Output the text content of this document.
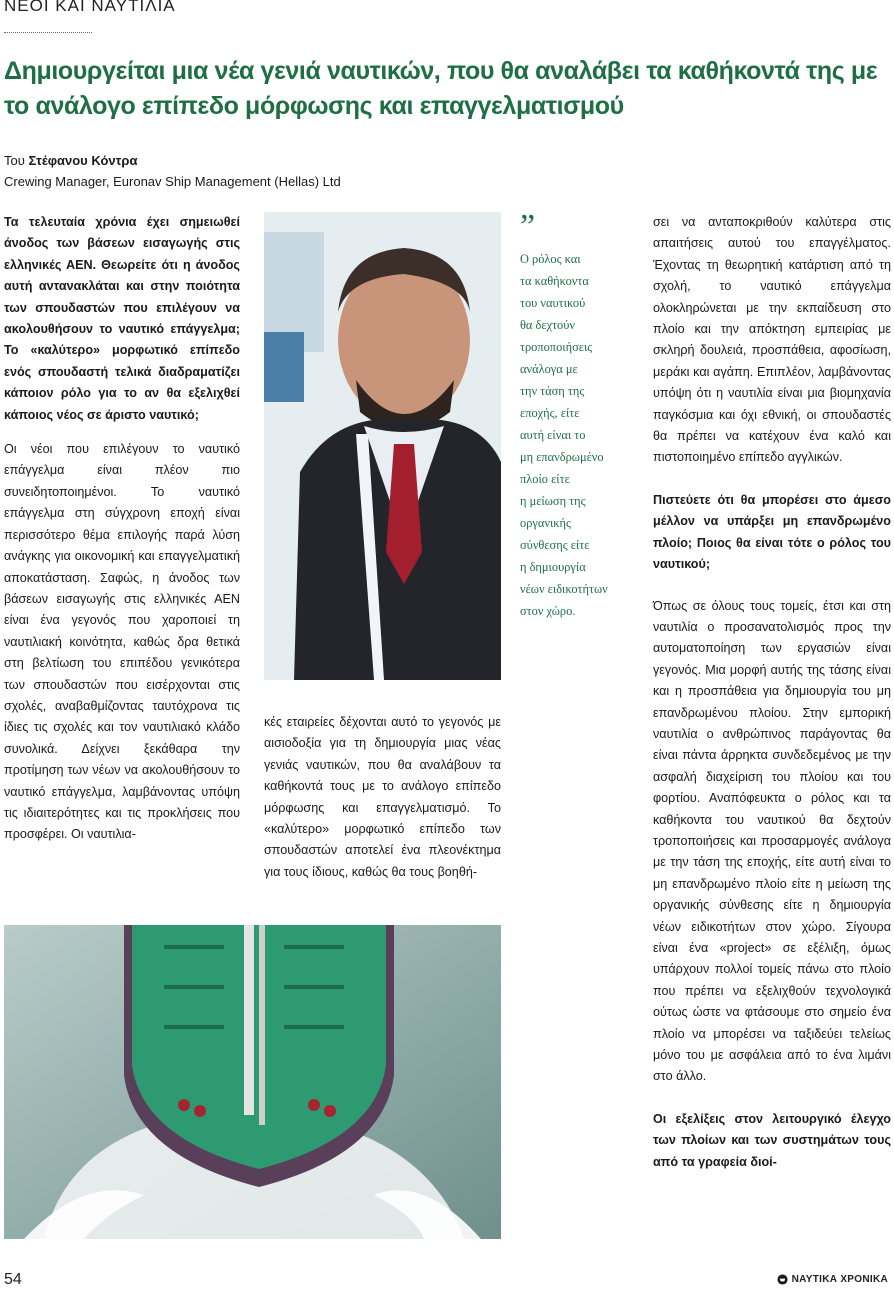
ΝΕΟΙ ΚΑΙ ΝΑΥΤΙΛΙΑ
Δημιουργείται μια νέα γενιά ναυτικών, που θα αναλάβει τα καθήκοντά της με το ανάλογο επίπεδο μόρφωσης και επαγγελματισμού
Του Στέφανου Κόντρα
Crewing Manager, Euronav Ship Management (Hellas) Ltd

Τα τελευταία χρόνια έχει σημειωθεί άνοδος των βάσεων εισαγωγής στις ελληνικές ΑΕΝ. Θεωρείτε ότι η άνοδος αυτή αντανακλάται και στην ποιότητα των σπουδαστών που επιλέγουν να ακολουθήσουν το ναυτικό επάγγελμα; Το «καλύτερο» μορφωτικό επίπεδο ενός σπουδαστή τελικά διαδραματίζει κάποιον ρόλο για το αν θα εξελιχθεί κάποιος νέος σε άριστο ναυτικό;

Οι νέοι που επιλέγουν το ναυτικό επάγγελμα είναι πλέον πιο συνειδητοποιημένοι. Το ναυτικό επάγγελμα στη σύγχρονη εποχή είναι περισσότερο θέμα επιλογής παρά λύση ανάγκης για οικονομική και επαγγελματική αποκατάσταση. Σαφώς, η άνοδος των βάσεων εισαγωγής στις ελληνικές ΑΕΝ είναι ένα γεγονός που χαροποιεί τη ναυτιλιακή κοινότητα, καθώς δρα θετικά στη βελτίωση του επιπέδου γενικότερα των σπουδαστών που εισέρχονται στις σχολές, αναβαθμίζοντας ταυτόχρονα τις ίδιες τις σχολές και τον ναυτιλιακό κλάδο συνολικά. Δείχνει ξεκάθαρα την προτίμηση των νέων να ακολουθήσουν το ναυτικό επάγγελμα, λαμβάνοντας υπόψη τις ιδιαιτερότητες και τις προκλήσεις που προσφέρει. Οι ναυτιλια-

κές εταιρείες δέχονται αυτό το γεγονός με αισιοδοξία για τη δημιουργία μιας νέας γενιάς ναυτικών, που θα αναλάβουν τα καθήκοντά τους με το ανάλογο επίπεδο μόρφωσης και επαγγελματισμό. Το «καλύτερο» μορφωτικό επίπεδο των σπουδαστών αποτελεί ένα πλεονέκτημα για τους ίδιους, καθώς θα τους βοηθή-

”
Ο ρόλος και
τα καθήκοντα
του ναυτικού
θα δεχτούν
τροποποιήσεις
ανάλογα με
την τάση της
εποχής, είτε
αυτή είναι το
μη επανδρωμένο
πλοίο είτε
η μείωση της
οργανικής
σύνθεσης είτε
η δημιουργία
νέων ειδικοτήτων
στον χώρο.

σει να ανταποκριθούν καλύτερα στις απαιτήσεις αυτού του επαγγέλματος. Έχοντας τη θεωρητική κατάρτιση από τη σχολή, το ναυτικό επάγγελμα ολοκληρώνεται με την εκπαίδευση στο πλοίο και την απόκτηση εμπειρίας με σκληρή δουλειά, προσπάθεια, αφοσίωση, μεράκι και αγάπη. Επιπλέον, λαμβάνοντας υπόψη ότι η ναυτιλία είναι μια βιομηχανία παγκόσμια και όχι εθνική, οι σπουδαστές θα πρέπει να κατέχουν ένα καλό και πιστοποιημένο επίπεδο αγγλικών.

Πιστεύετε ότι θα μπορέσει στο άμεσο μέλλον να υπάρξει μη επανδρωμένο πλοίο; Ποιος θα είναι τότε ο ρόλος του ναυτικού;

Όπως σε όλους τους τομείς, έτσι και στη ναυτιλία ο προσανατολισμός προς την αυτοματοποίηση των εργασιών είναι γεγονός. Μια μορφή αυτής της τάσης είναι και η προσπάθεια για δημιουργία του μη επανδρωμένου πλοίου. Στην εμπορική ναυτιλία ο ανθρώπινος παράγοντας θα είναι πάντα άρρηκτα συνδεδεμένος με την ασφαλή διαχείριση του πλοίου και του φορτίου. Αναπόφευκτα ο ρόλος και τα καθήκοντα του ναυτικού θα δεχτούν τροποποιήσεις και προσαρμογές ανάλογα με την τάση της εποχής, είτε αυτή είναι το μη επανδρωμένο πλοίο είτε η μείωση της οργανικής σύνθεσης είτε η δημιουργία νέων ειδικοτήτων στον χώρο. Σίγουρα είναι ένα «project» σε εξέλιξη, όμως υπάρχουν πολλοί τομείς πάνω στο πλοίο που πρέπει να εξελιχθούν τεχνολογικά ούτως ώστε να φτάσουμε στο σημείο ένα πλοίο να μπορέσει να ταξιδεύει τελείως μόνο του με ασφάλεια από το ένα λιμάνι στο άλλο.

Οι εξελίξεις στον λειτουργικό έλεγχο των πλοίων και των συστημάτων τους από τα γραφεία διοί-

54	ΝΑΥΤΙΚΑ ΧΡΟΝΙΚΑ
